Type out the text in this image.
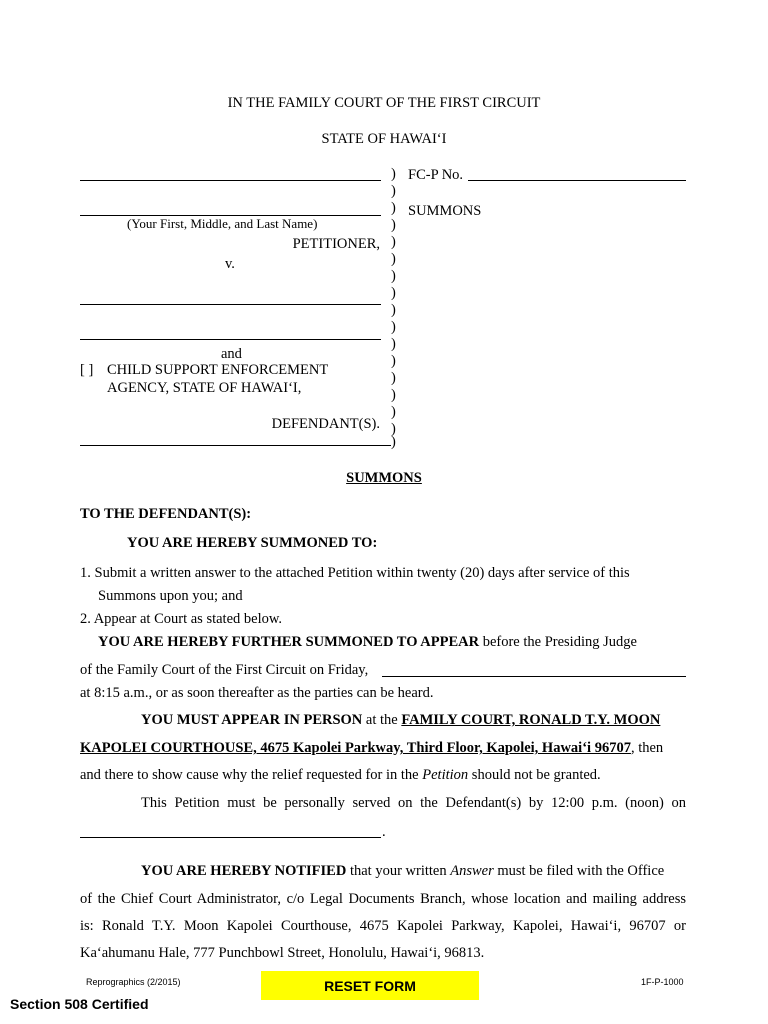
IN THE FAMILY COURT OF THE FIRST CIRCUIT
STATE OF HAWAI‘I
(Your First, Middle, and Last Name)
PETITIONER,
v.
and
[ ] CHILD SUPPORT ENFORCEMENT
AGENCY, STATE OF HAWAI‘I,
DEFENDANT(S).
)
)
)
)
)
)
)
)
)
)
)
)
)
)
)
)
)
FC-P No.
SUMMONS
SUMMONS
TO THE DEFENDANT(S):
YOU ARE HEREBY SUMMONED TO:
1. Submit a written answer to the attached Petition within twenty (20) days after service of this
Summons upon you; and
2. Appear at Court as stated below.
YOU ARE HEREBY FURTHER SUMMONED TO APPEAR before the Presiding Judge
of the Family Court of the First Circuit on Friday,
at 8:15 a.m., or as soon thereafter as the parties can be heard.
YOU MUST APPEAR IN PERSON at the FAMILY COURT, RONALD T.Y. MOON
KAPOLEI COURTHOUSE, 4675 Kapolei Parkway, Third Floor, Kapolei, Hawai‘i 96707, then
and there to show cause why the relief requested for in the Petition should not be granted.
This Petition must be personally served on the Defendant(s) by 12:00 p.m. (noon) on
.
YOU ARE HEREBY NOTIFIED that your written Answer must be filed with the Office
of the Chief Court Administrator, c/o Legal Documents Branch, whose location and mailing address
is: Ronald T.Y. Moon Kapolei Courthouse, 4675 Kapolei Parkway, Kapolei, Hawai‘i, 96707 or
Ka‘ahumanu Hale, 777 Punchbowl Street, Honolulu, Hawai‘i, 96813.
Reprographics (2/2015)	RESET FORM	1F-P-1000
Section 508 Certified
